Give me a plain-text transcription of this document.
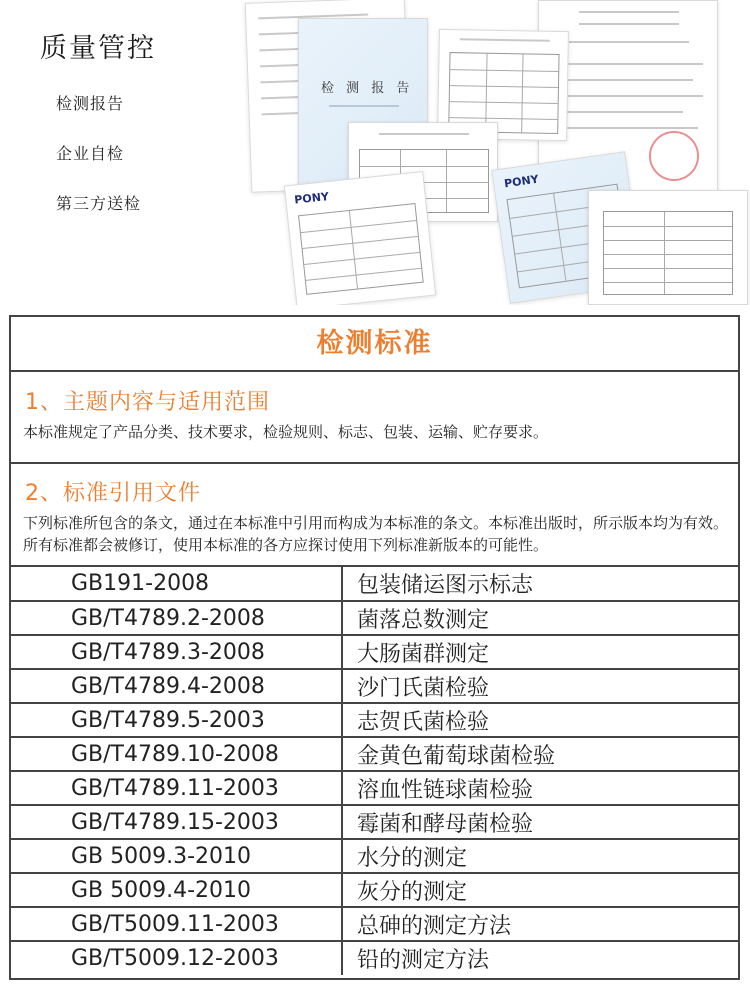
质量管控
检测报告
企业自检
第三方送检
检 测 报 告
PONY
PONY
检测标准
1、主题内容与适用范围
本标准规定了产品分类、技术要求，检验规则、标志、包装、运输、贮存要求。
2、标准引用文件
下列标准所包含的条文，通过在本标准中引用而构成为本标准的条文。本标准出版时，所示版本均为有效。所有标准都会被修订，使用本标准的各方应探讨使用下列标准新版本的可能性。
GB191-2008	包装储运图示标志
GB/T4789.2-2008	菌落总数测定
GB/T4789.3-2008	大肠菌群测定
GB/T4789.4-2008	沙门氏菌检验
GB/T4789.5-2003	志贺氏菌检验
GB/T4789.10-2008	金黄色葡萄球菌检验
GB/T4789.11-2003	溶血性链球菌检验
GB/T4789.15-2003	霉菌和酵母菌检验
GB 5009.3-2010	水分的测定
GB 5009.4-2010	灰分的测定
GB/T5009.11-2003	总砷的测定方法
GB/T5009.12-2003	铅的测定方法
